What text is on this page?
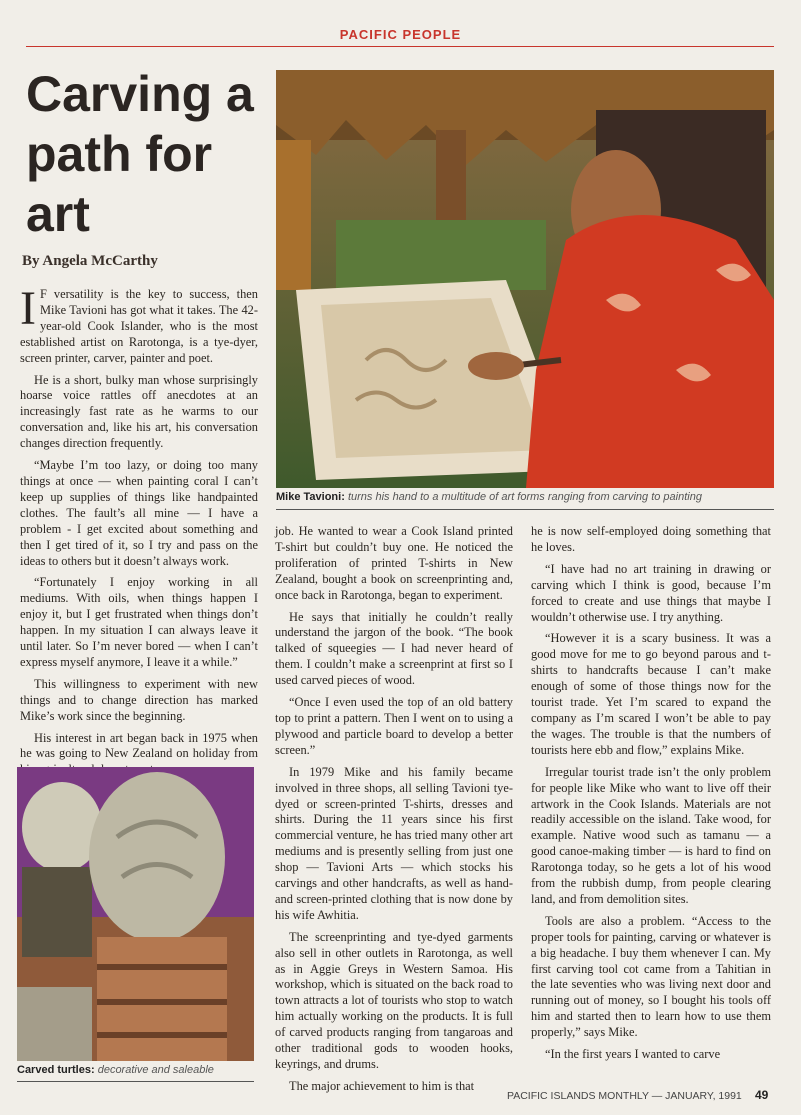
PACIFIC PEOPLE
Carving a path for art
By Angela McCarthy

I F versatility is the key to success, then Mike Tavioni has got what it takes. The 42-year-old Cook Islander, who is the most established artist on Rarotonga, is a tye-dyer, screen printer, carver, painter and poet.

He is a short, bulky man whose surprisingly hoarse voice rattles off anecdotes at an increasingly fast rate as he warms to our conversation and, like his art, his conversation changes direction frequently.

“Maybe I’m too lazy, or doing too many things at once — when painting coral I can’t keep up supplies of things like handpainted clothes. The fault’s all mine — I have a problem - I get excited about something and then I get tired of it, so I try and pass on the ideas to others but it doesn’t always work.

“Fortunately I enjoy working in all mediums. With oils, when things happen I enjoy it, but I get frustrated when things don’t happen. In my situation I can always leave it until later. So I’m never bored — when I can’t express myself anymore, I leave it a while.”

This willingness to experiment with new things and to change direction has marked Mike’s work since the beginning.

His interest in art began back in 1975 when he was going to New Zealand on holiday from

Mike Tavioni: turns his hand to a multitude of art forms ranging from carving to painting

job. He wanted to wear a Cook Island printed T-shirt but couldn’t buy one. He noticed the proliferation of printed T-shirts in New Zealand, bought a book on screenprinting and, once back in Rarotonga, began to experiment.

He says that initially he couldn’t really understand the jargon of the book. “The book talked of squeegies — I had never heard of them. I couldn’t make a screenprint at first so I used carved pieces of wood.

“Once I even used the top of an old battery top to print a pattern. Then I went on to using a plywood and particle board to develop a better screen.”

In 1979 Mike and his family became involved in three shops, all selling Tavioni tye-dyed or screen-printed T-shirts, dresses and shirts. During the 11 years since his first commercial venture, he has tried many other art mediums and is presently selling from just one shop — Tavioni Arts — which stocks his carvings and other handcrafts, as well as hand-and screen-printed clothing that is now done by his wife Awhitia.

The screenprinting and tye-dyed garments also sell in other outlets in Rarotonga, as well as in Aggie Greys in Western Samoa. His workshop, which is situated on the back road to town attracts a lot of tourists who stop to watch him actually working on the products. It is full of carved products ranging from tangaroas and other traditional gods to wooden hooks, keyrings, and drums.

The major achievement to him is that

he is now self-employed doing something that he loves.

“I have had no art training in drawing or carving which I think is good, because I’m forced to create and use things that maybe I wouldn’t otherwise use. I try anything.

“However it is a scary business. It was a good move for me to go beyond parous and t-shirts to handcrafts because I can’t make enough of some of those things now for the tourist trade. Yet I’m scared to expand the company as I’m scared I won’t be able to pay the wages. The trouble is that the numbers of tourists here ebb and flow,” explains Mike.

Irregular tourist trade isn’t the only problem for people like Mike who want to live off their artwork in the Cook Islands. Materials are not readily accessible on the island. Take wood, for example. Native wood such as tamanu — a good canoe-making timber — is hard to find on Rarotonga today, so he gets a lot of his wood from the rubbish dump, from people clearing land, and from demolition sites.

Tools are also a problem. “Access to the proper tools for painting, carving or whatever is a big headache. I buy them whenever I can. My first carving tool cot came from a Tahitian in the late seventies who was living next door and running out of money, so I bought his tools off him and started then to learn how to use them properly,” says Mike.

“In the first years I wanted to carve

Carved turtles: decorative and saleable
PACIFIC ISLANDS MONTHLY — JANUARY, 1991 49
